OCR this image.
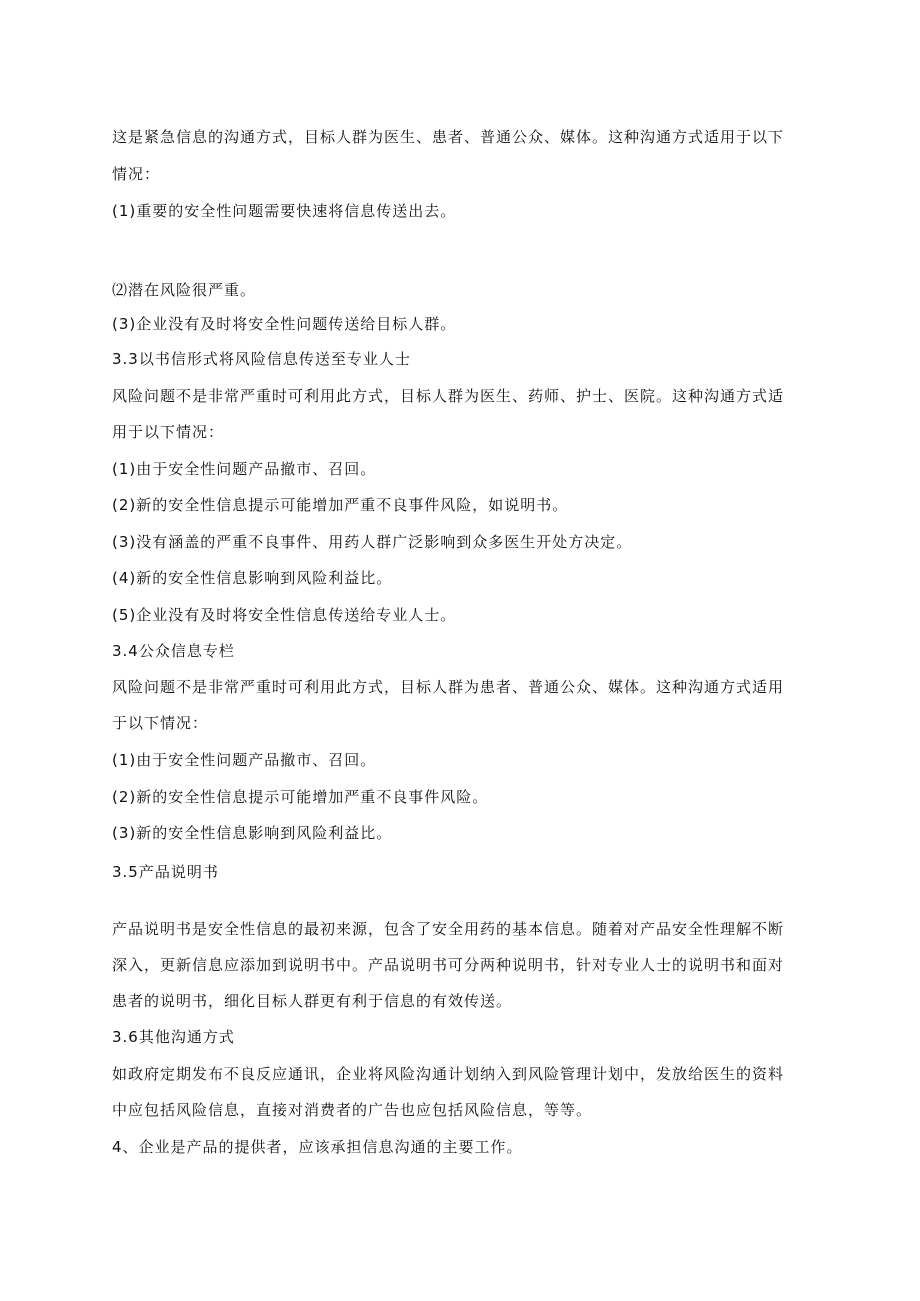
这是紧急信息的沟通方式，目标人群为医生、患者、普通公众、媒体。这种沟通方式适用于以下

情况：

(1)重要的安全性问题需要快速将信息传送出去。

⑵潜在风险很严重。

(3)企业没有及时将安全性问题传送给目标人群。

3.3以书信形式将风险信息传送至专业人士

风险问题不是非常严重时可利用此方式，目标人群为医生、药师、护士、医院。这种沟通方式适

用于以下情况：

(1)由于安全性问题产品撤市、召回。

(2)新的安全性信息提示可能增加严重不良事件风险，如说明书。

(3)没有涵盖的严重不良事件、用药人群广泛影响到众多医生开处方决定。

(4)新的安全性信息影响到风险利益比。

(5)企业没有及时将安全性信息传送给专业人士。

3.4公众信息专栏

风险问题不是非常严重时可利用此方式，目标人群为患者、普通公众、媒体。这种沟通方式适用

于以下情况：

(1)由于安全性问题产品撤市、召回。

(2)新的安全性信息提示可能增加严重不良事件风险。

(3)新的安全性信息影响到风险利益比。

3.5产品说明书

产品说明书是安全性信息的最初来源，包含了安全用药的基本信息。随着对产品安全性理解不断

深入，更新信息应添加到说明书中。产品说明书可分两种说明书，针对专业人士的说明书和面对

患者的说明书，细化目标人群更有利于信息的有效传送。

3.6其他沟通方式

如政府定期发布不良反应通讯，企业将风险沟通计划纳入到风险管理计划中，发放给医生的资料

中应包括风险信息，直接对消费者的广告也应包括风险信息，等等。

4、企业是产品的提供者，应该承担信息沟通的主要工作。
